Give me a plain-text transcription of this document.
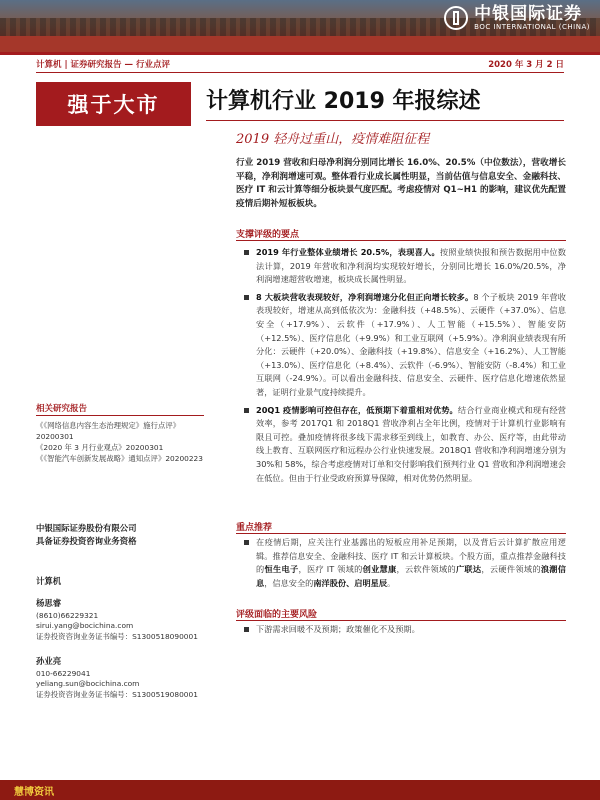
中银国际证券
BOC INTERNATIONAL (CHINA)
计算机 | 证券研究报告 — 行业点评	2020 年 3 月 2 日
强于大市	计算机行业 2019 年报综述
2019 轻舟过重山，疫情难阻征程
行业 2019 营收和归母净利润分别同比增长 16.0%、20.5%（中位数法），营收增长平稳，净利润增速可观。整体看行业成长属性明显，当前估值与信息安全、金融科技、医疗 IT 和云计算等细分板块景气度匹配。考虑疫情对 Q1~H1 的影响，建议优先配置疫情后期补短板板块。
支撑评级的要点
2019 年行业整体业绩增长 20.5%，表现喜人。按照业绩快报和预告数据用中位数法计算，2019 年营收和净利润均实现较好增长，分别同比增长 16.0%/20.5%，净利润增速超营收增速，板块成长属性明显。
8 大板块营收表现较好，净利润增速分化但正向增长较多。8 个子板块 2019 年营收表现较好，增速从高到低依次为：金融科技（+48.5%）、云硬件（+37.0%）、信息安全（+17.9%）、云软件（+17.9%）、人工智能（+15.5%）、智能安防（+12.5%）、医疗信息化（+9.9%）和工业互联网（+5.9%）。净利润业绩表现有所分化：云硬件（+20.0%）、金融科技（+19.8%）、信息安全（+16.2%）、人工智能（+13.0%）、医疗信息化（+8.4%）、云软件（-6.9%）、智能安防（-8.4%）和工业互联网（-24.9%）。可以看出金融科技、信息安全、云硬件、医疗信息化增速依然显著，证明行业景气度持续提升。
20Q1 疫情影响可控但存在，低预期下着重相对优势。结合行业商业模式和现有经营效率，参考 2017Q1 和 2018Q1 营收净利占全年比例，疫情对于计算机行业影响有限且可控。叠加疫情将很多线下需求移至到线上，如教育、办公、医疗等，由此带动线上教育、互联网医疗和远程办公行业快速发展。2018Q1 营收和净利润增速分别为 30%和 58%，综合考虑疫情对订单和交付影响我们预判行业 Q1 营收和净利润增速会在低位。但由于行业受政府预算导保障，相对优势仍然明显。
重点推荐
在疫情后期，应关注行业基露出的短板应用补足预期，以及背后云计算扩散应用逻辑。推荐信息安全、金融科技、医疗 IT 和云计算板块。个股方面，重点推荐金融科技的恒生电子，医疗 IT 领域的创业慧康，云软件领域的广联达，云硬件领域的浪潮信息，信息安全的南洋股份、启明星辰。
评级面临的主要风险
下游需求回暖不及预期；政策催化不及预期。
相关研究报告
《《网络信息内容生态治理规定》施行点评》20200301
《2020 年 3 月行业观点》20200301
《《智能汽车创新发展战略》通知点评》20200223
中银国际证券股份有限公司
具备证券投资咨询业务资格
计算机
杨思睿
(8610)66229321
sirui.yang@bocichina.com
证券投资咨询业务证书编号：S1300518090001
孙业亮
010-66229041
yeliang.sun@bocichina.com
证券投资咨询业务证书编号：S1300519080001
慧博资讯
